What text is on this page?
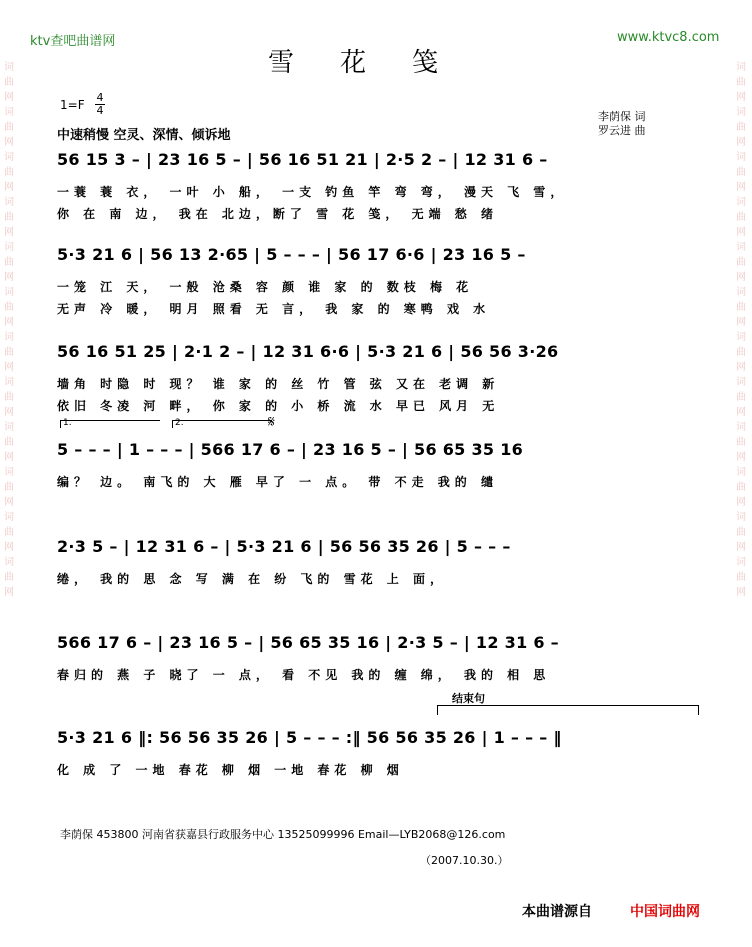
ktv查吧曲谱网	www.ktvc8.com
词曲网词曲网词曲网词曲网词曲网词曲网词曲网词曲网词曲网词曲网词曲网词曲网
词曲网词曲网词曲网词曲网词曲网词曲网词曲网词曲网词曲网词曲网词曲网词曲网
雪花笺
1=F
4
4
中速稍慢 空灵、深情、倾诉地
李荫保 词
罗云进 曲
56 15 3 – | 23 16 5 – | 56 16 51 21 | 2·5 2 – | 12 31 6 –
一蓑 蓑 衣， 一叶 小 船， 一支 钓鱼 竿 弯 弯， 漫天 飞 雪，
你 在 南 边， 我在 北边，断了 雪 花 笺， 无端 愁 绪
5·3 21 6 | 56 13 2·65 | 5 – – – | 56 17 6·6 | 23 16 5 –
一笼 江 天， 一般 沧桑 容 颜 谁 家 的 数枝 梅 花
无声 冷 暖， 明月 照看 无 言， 我 家 的 寒鸭 戏 水
56 16 51 25 | 2·1 2 – | 12 31 6·6 | 5·3 21 6 | 56 56 3·26
墙角 时隐 时 现？ 谁 家 的 丝 竹 管 弦 又在 老调 新
依旧 冬凌 河 畔， 你 家 的 小 桥 流 水 早已 风月 无
1.	2.	𝄋
5 – – – | 1 – – – | 566 17 6 – | 23 16 5 – | 56 65 35 16
编？ 边。 南飞的 大 雁 早了 一 点。 带 不走 我的 缱
2·3 5 – | 12 31 6 – | 5·3 21 6 | 56 56 35 26 | 5 – – –
绻， 我的 思 念 写 满 在 纷 飞的 雪花 上 面，
566 17 6 – | 23 16 5 – | 56 65 35 16 | 2·3 5 – | 12 31 6 –
春归的 燕 子 晓了 一 点， 看 不见 我的 缠 绵， 我的 相 思
结束句
5·3 21 6 ‖: 56 56 35 26 | 5 – – – :‖ 56 56 35 26 | 1 – – – ‖
化 成 了 一地 春花 柳 烟 一地 春花 柳 烟
李荫保 453800 河南省获嘉县行政服务中心 13525099996 Email—LYB2068@126.com
（2007.10.30.）
本曲谱源自	中国词曲网
